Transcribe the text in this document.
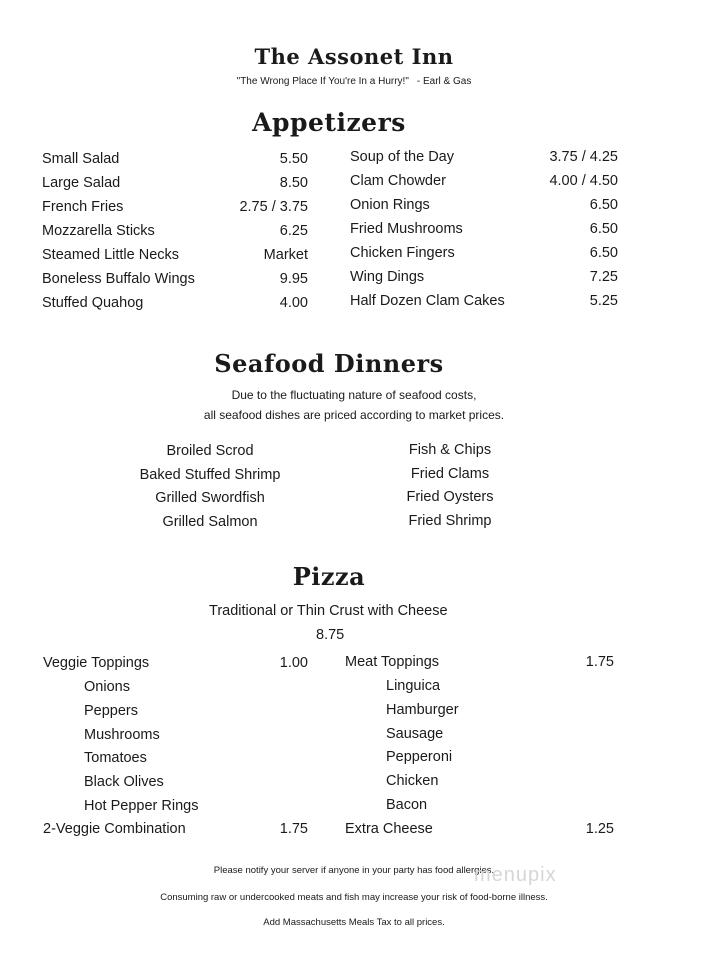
The Assonet Inn
"The Wrong Place If You're In a Hurry!" - Earl & Gas
Appetizers
Small Salad	5.50
Large Salad	8.50
French Fries	2.75 / 3.75
Mozzarella Sticks	6.25
Steamed Little Necks	Market
Boneless Buffalo Wings	9.95
Stuffed Quahog	4.00
Soup of the Day	3.75 / 4.25
Clam Chowder	4.00 / 4.50
Onion Rings	6.50
Fried Mushrooms	6.50
Chicken Fingers	6.50
Wing Dings	7.25
Half Dozen Clam Cakes	5.25
Seafood Dinners
Due to the fluctuating nature of seafood costs,
all seafood dishes are priced according to market prices.
Broiled Scrod
Baked Stuffed Shrimp
Grilled Swordfish
Grilled Salmon
Fish & Chips
Fried Clams
Fried Oysters
Fried Shrimp
Pizza
Traditional or Thin Crust with Cheese
8.75
Veggie Toppings	1.00	Meat Toppings	1.75
Onions
Peppers
Mushrooms
Tomatoes
Black Olives
Hot Pepper Rings
Linguica
Hamburger
Sausage
Pepperoni
Chicken
Bacon
2-Veggie Combination	1.75	Extra Cheese	1.25
Please notify your server if anyone in your party has food allergies.
Consuming raw or undercooked meats and fish may increase your risk of food-borne illness.
Add Massachusetts Meals Tax to all prices.
menupix
